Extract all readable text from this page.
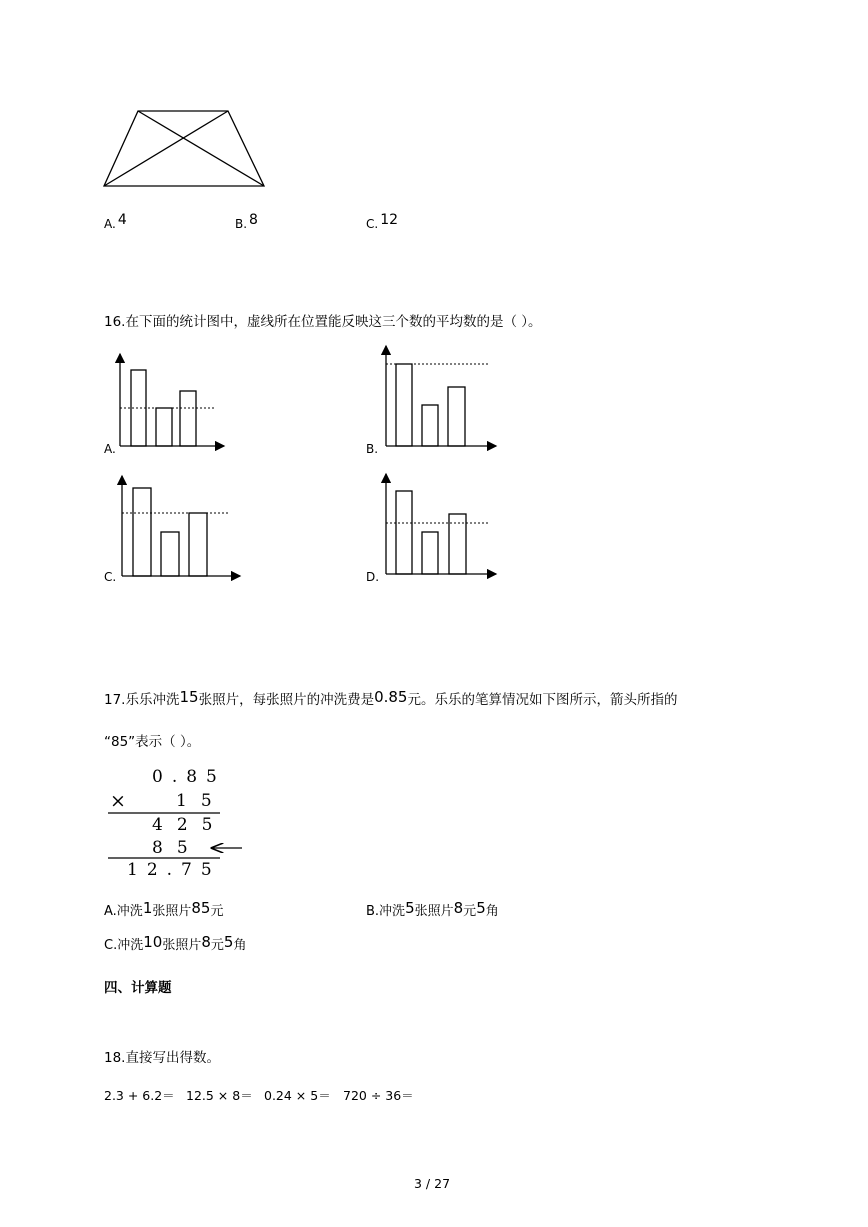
A. 4	B. 8	C. 12
16.在下面的统计图中，虚线所在位置能反映这三个数的平均数的是（ ）。
A.	B.
C.	D.
17.乐乐冲洗15张照片，每张照片的冲洗费是0.85元。乐乐的笔算情况如下图所示，箭头所指的
“85”表示（ ）。
0.85
×	15
425
85
12.75
A.冲洗1张照片85元	B.冲洗5张照片8元5角
C.冲洗10张照片8元5角
四、计算题
18.直接写出得数。
2.3 + 6.2＝ 12.5 × 8＝ 0.24 × 5＝ 720 ÷ 36＝
3 / 27
